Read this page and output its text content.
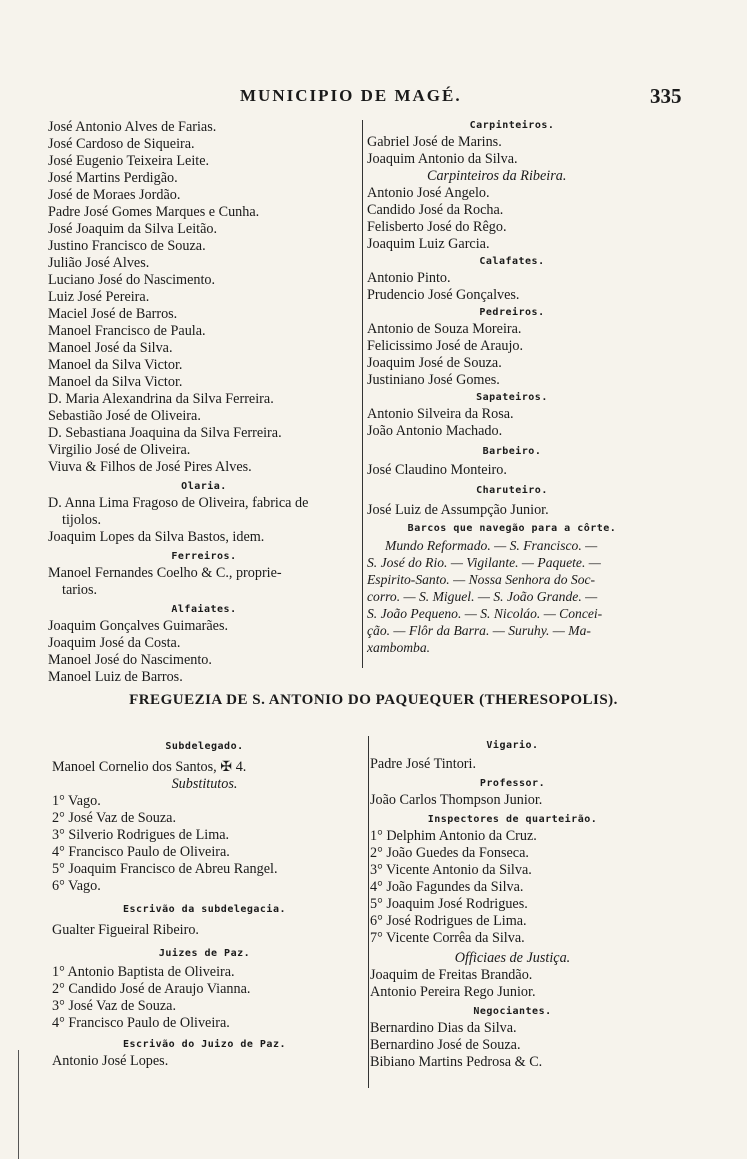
MUNICIPIO DE MAGÉ.	335
José Antonio Alves de Farias.
José Cardoso de Siqueira.
José Eugenio Teixeira Leite.
José Martins Perdigão.
José de Moraes Jordão.
Padre José Gomes Marques e Cunha.
José Joaquim da Silva Leitão.
Justino Francisco de Souza.
Julião José Alves.
Luciano José do Nascimento.
Luiz José Pereira.
Maciel José de Barros.
Manoel Francisco de Paula.
Manoel José da Silva.
Manoel da Silva Victor.
Manoel da Silva Victor.
D. Maria Alexandrina da Silva Ferreira.
Sebastião José de Oliveira.
D. Sebastiana Joaquina da Silva Ferreira.
Virgilio José de Oliveira.
Viuva & Filhos de José Pires Alves.
Olaria.
D. Anna Lima Fragoso de Oliveira, fabrica de
tijolos.
Joaquim Lopes da Silva Bastos, idem.
Ferreiros.
Manoel Fernandes Coelho & C., proprie-
tarios.
Alfaiates.
Joaquim Gonçalves Guimarães.
Joaquim José da Costa.
Manoel José do Nascimento.
Manoel Luiz de Barros.
Carpinteiros.
Gabriel José de Marins.
Joaquim Antonio da Silva.
Carpinteiros da Ribeira.
Antonio José Angelo.
Candido José da Rocha.
Felisberto José do Rêgo.
Joaquim Luiz Garcia.
Calafates.
Antonio Pinto.
Prudencio José Gonçalves.
Pedreiros.
Antonio de Souza Moreira.
Felicissimo José de Araujo.
Joaquim José de Souza.
Justiniano José Gomes.
Sapateiros.
Antonio Silveira da Rosa.
João Antonio Machado.
Barbeiro.
José Claudino Monteiro.
Charuteiro.
José Luiz de Assumpção Junior.
Barcos que navegão para a côrte.
Mundo Reformado. — S. Francisco. —
S. José do Rio. — Vigilante. — Paquete. —
Espirito-Santo. — Nossa Senhora do Soc-
corro. — S. Miguel. — S. João Grande. —
S. João Pequeno. — S. Nicoláo. — Concei-
ção. — Flôr da Barra. — Suruhy. — Ma-
xambomba.
FREGUEZIA DE S. ANTONIO DO PAQUEQUER (THERESOPOLIS).
Subdelegado.
Manoel Cornelio dos Santos, ✠ 4.
Substitutos.
1° Vago.
2° José Vaz de Souza.
3° Silverio Rodrigues de Lima.
4° Francisco Paulo de Oliveira.
5° Joaquim Francisco de Abreu Rangel.
6° Vago.
Escrivão da subdelegacia.
Gualter Figueiral Ribeiro.
Juizes de Paz.
1° Antonio Baptista de Oliveira.
2° Candido José de Araujo Vianna.
3° José Vaz de Souza.
4° Francisco Paulo de Oliveira.
Escrivão do Juizo de Paz.
Antonio José Lopes.
Vigario.
Padre José Tintori.
Professor.
João Carlos Thompson Junior.
Inspectores de quarteirão.
1° Delphim Antonio da Cruz.
2° João Guedes da Fonseca.
3° Vicente Antonio da Silva.
4° João Fagundes da Silva.
5° Joaquim José Rodrigues.
6° José Rodrigues de Lima.
7° Vicente Corrêa da Silva.
Officiaes de Justiça.
Joaquim de Freitas Brandão.
Antonio Pereira Rego Junior.
Negociantes.
Bernardino Dias da Silva.
Bernardino José de Souza.
Bibiano Martins Pedrosa & C.
